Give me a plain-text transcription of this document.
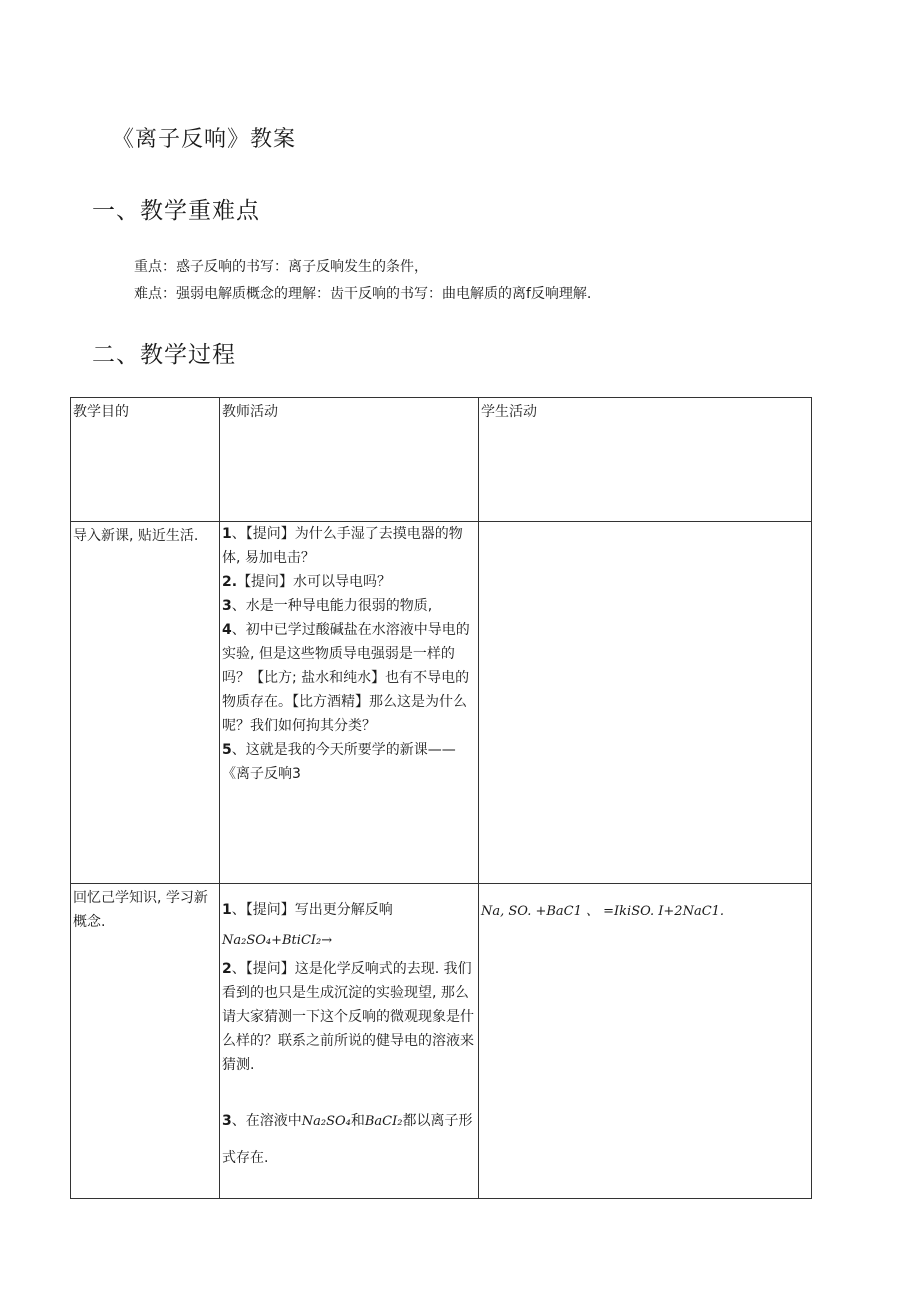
《离子反响》教案
一、教学重难点
重点：惑子反响的书写：离子反响发生的条件，
难点：强弱电解质概念的理解：齿干反响的书写：曲电解质的离f反响理解.
二、教学过程
教学目的	教师活动	学生活动

导入新课, 贴近生活.	1、【提问】为什么手湿了去摸电器的物体, 易加电击？
2.【提问】水可以导电吗？
3、水是一种导电能力很弱的物质,
4、初中已学过酸碱盐在水溶液中导电的实验, 但是这些物质导电强弱是一样的吗？【比方; 盐水和纯水】也有不导电的物质存在。【比方酒精】那么这是为什么呢？我们如何拘其分类？
5、这就是我的今天所要学的新课——《离子反响3	

回忆己学知识, 学习新概念.	1、【提问】写出更分解反响
Na₂SO₄+BtiCI₂→
2、【提问】这是化学反响式的去现. 我们看到的也只是生成沉淀的实验现望, 那么请大家猜测一下这个反响的微观现象是什么样的？联系之前所说的健导电的溶液来猜测.
3、在溶液中Na₂SO₄和BaCI₂都以离子形式存在.	Na, SO. +BaC1 、 =IkiSO. I+2NaC1.
